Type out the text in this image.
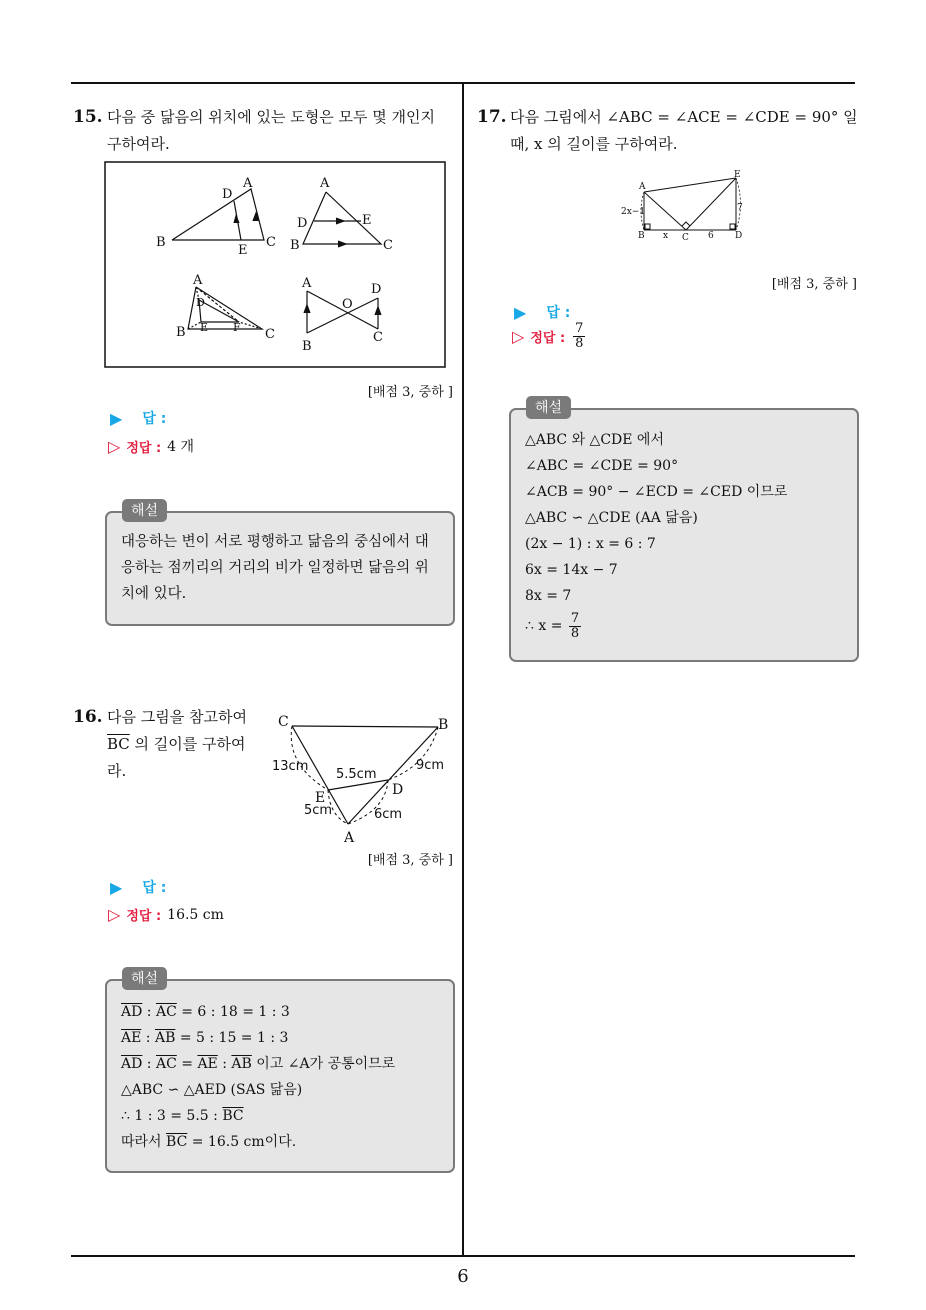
15. 다음 중 닮음의 위치에 있는 도형은 모두 몇 개인지
구하여라.
D
A
B
E
C
A
D	E
B	C
A
D
B E F C
A	D
O
B
C
[배점 3, 중하 ]
▶ 답 :
▷ 정답 : 4 개
해설
대응하는 변이 서로 평행하고 닮음의 중심에서 대
응하는 점끼리의 거리의 비가 일정하면 닮음의 위
치에 있다.
16. 다음 그림을 참고하여
$\overline{BC}$ 의 길이를 구하여
라.
C	B
E	D
A
13cm
5.5cm
9cm
5cm	6cm
[배점 3, 중하 ]
▶ 답 :
▷ 정답 : 16.5 cm
해설
$\overline{AD}$ : $\overline{AC} = 6$ : 18 = 1 : 3
$\overline{AE}$ : $\overline{AB} = 5$ : 15 = 1 : 3
$\overline{AD}$ : $\overline{AC} = \overline{AE}$ : $\overline{AB}$ 이고 ∠A가 공통이므로
△ABC ∽ △AED (SAS 닮음)
∴ 1 : 3 = 5.5 : $\overline{BC}$
따라서 $\overline{BC} = 16.5$ cm이다.
17. 다음 그림에서 ∠ABC = ∠ACE = ∠CDE = 90° 일
때, x 의 길이를 구하여라.
A
E
B	C	D
2x−1	7
x	6
[배점 3, 중하 ]
▶ 답 :
▷ 정답 : $\frac{7}{8}$
해설
△ABC 와 △CDE 에서
∠ABC = ∠CDE = 90°
∠ACB = 90° − ∠ECD = ∠CED 이므로
△ABC ∽ △CDE (AA 닮음)
(2x − 1) : x = 6 : 7
6x = 14x − 7
8x = 7
∴ $x = \frac{7}{8}$
6
